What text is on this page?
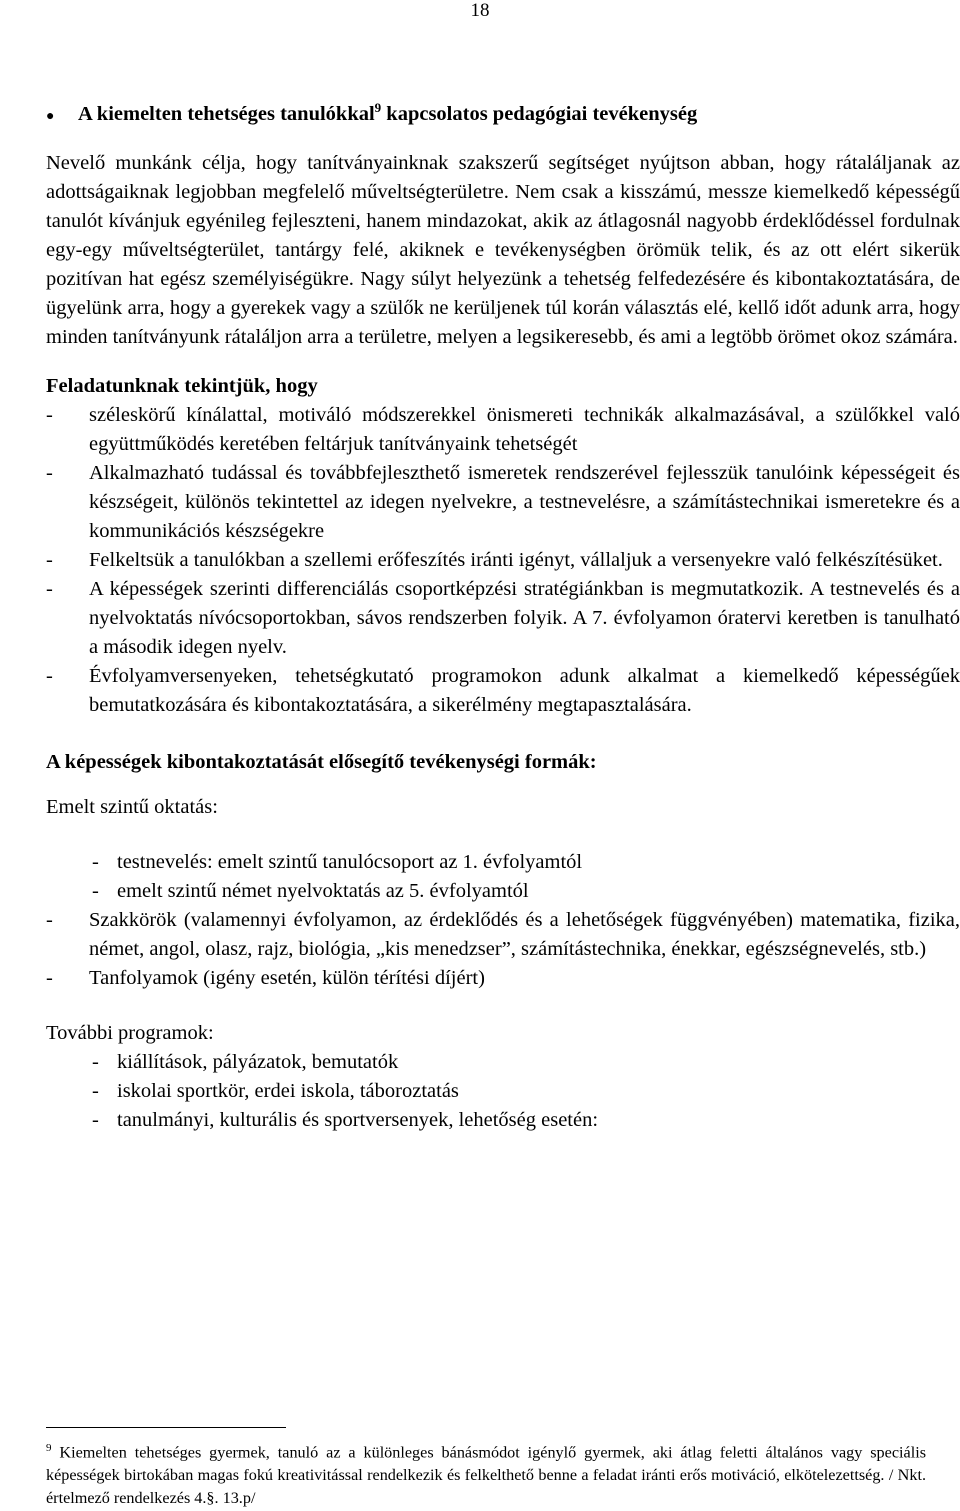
18
●	A kiemelten tehetséges tanulókkal$^9$ kapcsolatos pedagógiai tevékenység

Nevelő munkánk célja, hogy tanítványainknak szakszerű segítséget nyújtson abban, hogy rátaláljanak az adottságaiknak legjobban megfelelő műveltségterületre. Nem csak a kisszámú, messze kiemelkedő képességű tanulót kívánjuk egyénileg fejleszteni, hanem mindazokat, akik az átlagosnál nagyobb érdeklődéssel fordulnak egy-egy műveltségterület, tantárgy felé, akiknek e tevékenységben örömük telik, és az ott elért sikerük pozitívan hat egész személyiségükre. Nagy súlyt helyezünk a tehetség felfedezésére és kibontakoztatására, de ügyelünk arra, hogy a gyerekek vagy a szülők ne kerüljenek túl korán választás elé, kellő időt adunk arra, hogy minden tanítványunk rátaláljon arra a területre, melyen a legsikeresebb, és ami a legtöbb örömet okoz számára.

Feladatunknak tekintjük, hogy
-	szélesk​örű kínálattal, motiváló módszerekkel önismereti technikák alkalmazásával, a szülőkkel való együttműködés keretében feltárjuk tanítványaink tehetségét
-	Alkalmazható tudással és továbbfejleszthető ismeretek rendszerével fejlesszük tanulóink képességeit és készségeit, különös tekintettel az idegen nyelvekre, a testnevelésre, a számítástechnikai ismeretekre és a kommunikációs készségekre
-	Felkeltsük a tanulókban a szellemi erőfeszítés iránti igényt, vállaljuk a versenyekre való felkészítésüket.
-	A képességek szerinti differenciálás csoportképzési stratégiánkban is megmutatkozik. A testnevelés és a nyelvoktatás nívócsoportokban, sávos rendszerben folyik. A 7. évfolyamon óratervi keretben is tanulható a második idegen nyelv.
-	Évfolyamversenyeken, tehetségkutató programokon adunk alkalmat a kiemelkedő képességűek bemutatkozására és kibontakoztatására, a sikerélmény megtapasztalására.
A képességek kibontakoztatását elősegítő tevékenységi formák:
Emelt szintű oktatás:
- testnevelés: emelt szintű tanulócsoport az 1. évfolyamtól
- emelt szintű német nyelvoktatás az 5. évfolyamtól
-	Szakkörök (valamennyi évfolyamon, az érdeklődés és a lehetőségek függvényében) matematika, fizika, német, angol, olasz, rajz, biológia, „kis menedzser”, számítástechnika, énekkar, egészségnevelés, stb.)
-	Tanfolyamok (igény esetén, külön térítési díjért)
További programok:
- kiállítások, pályázatok, bemutatók
- iskolai sportkör, erdei iskola, táboroztatás
- tanulmányi, kulturális és sportversenyek, lehetőség esetén:
$^9$ Kiemelten tehetséges gyermek, tanuló az a különleges bánásmódot igénylő gyermek, aki átlag feletti általános vagy speciális képességek birtokában magas fokú kreativitással rendelkezik és felkelthető benne a feladat iránti erős motiváció, elkötelezettség. / Nkt. értelmező rendelkezés 4.§. 13.p/
